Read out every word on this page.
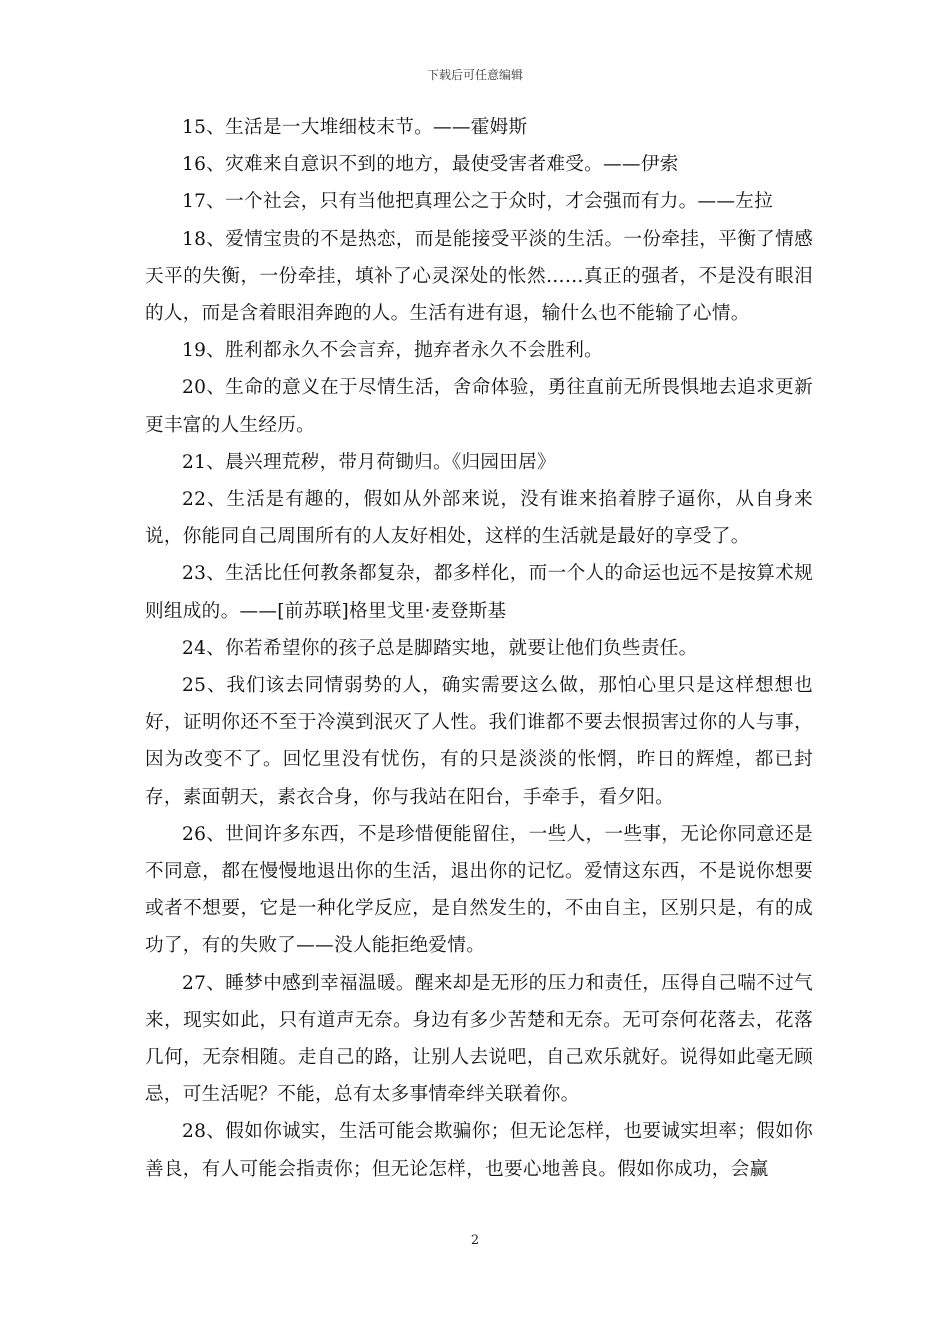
下载后可任意编辑

15、生活是一大堆细枝末节。——霍姆斯

16、灾难来自意识不到的地方，最使受害者难受。——伊索

17、一个社会，只有当他把真理公之于众时，才会强而有力。——左拉

18、爱情宝贵的不是热恋，而是能接受平淡的生活。一份牵挂，平衡了情感天平的失衡，一份牵挂，填补了心灵深处的怅然……真正的强者，不是没有眼泪的人，而是含着眼泪奔跑的人。生活有进有退，输什么也不能输了心情。

19、胜利都永久不会言弃，抛弃者永久不会胜利。

20、生命的意义在于尽情生活，舍命体验，勇往直前无所畏惧地去追求更新更丰富的人生经历。

21、晨兴理荒秽，带月荷锄归。《归园田居》

22、生活是有趣的，假如从外部来说，没有谁来掐着脖子逼你，从自身来说，你能同自己周围所有的人友好相处，这样的生活就是最好的享受了。

23、生活比任何教条都复杂，都多样化，而一个人的命运也远不是按算术规则组成的。——[前苏联]格里戈里·麦登斯基

24、你若希望你的孩子总是脚踏实地，就要让他们负些责任。

25、我们该去同情弱势的人，确实需要这么做，那怕心里只是这样想想也好，证明你还不至于冷漠到泯灭了人性。我们谁都不要去恨损害过你的人与事，因为改变不了。回忆里没有忧伤，有的只是淡淡的怅惘，昨日的辉煌，都已封存，素面朝天，素衣合身，你与我站在阳台，手牵手，看夕阳。

26、世间许多东西，不是珍惜便能留住，一些人，一些事，无论你同意还是不同意，都在慢慢地退出你的生活，退出你的记忆。爱情这东西，不是说你想要或者不想要，它是一种化学反应，是自然发生的，不由自主，区别只是，有的成功了，有的失败了——没人能拒绝爱情。

27、睡梦中感到幸福温暖。醒来却是无形的压力和责任，压得自己喘不过气来，现实如此，只有道声无奈。身边有多少苦楚和无奈。无可奈何花落去，花落几何，无奈相随。走自己的路，让别人去说吧，自己欢乐就好。说得如此毫无顾忌，可生活呢？不能，总有太多事情牵绊关联着你。

28、假如你诚实，生活可能会欺骗你；但无论怎样，也要诚实坦率；假如你善良，有人可能会指责你；但无论怎样，也要心地善良。假如你成功，会赢

2
